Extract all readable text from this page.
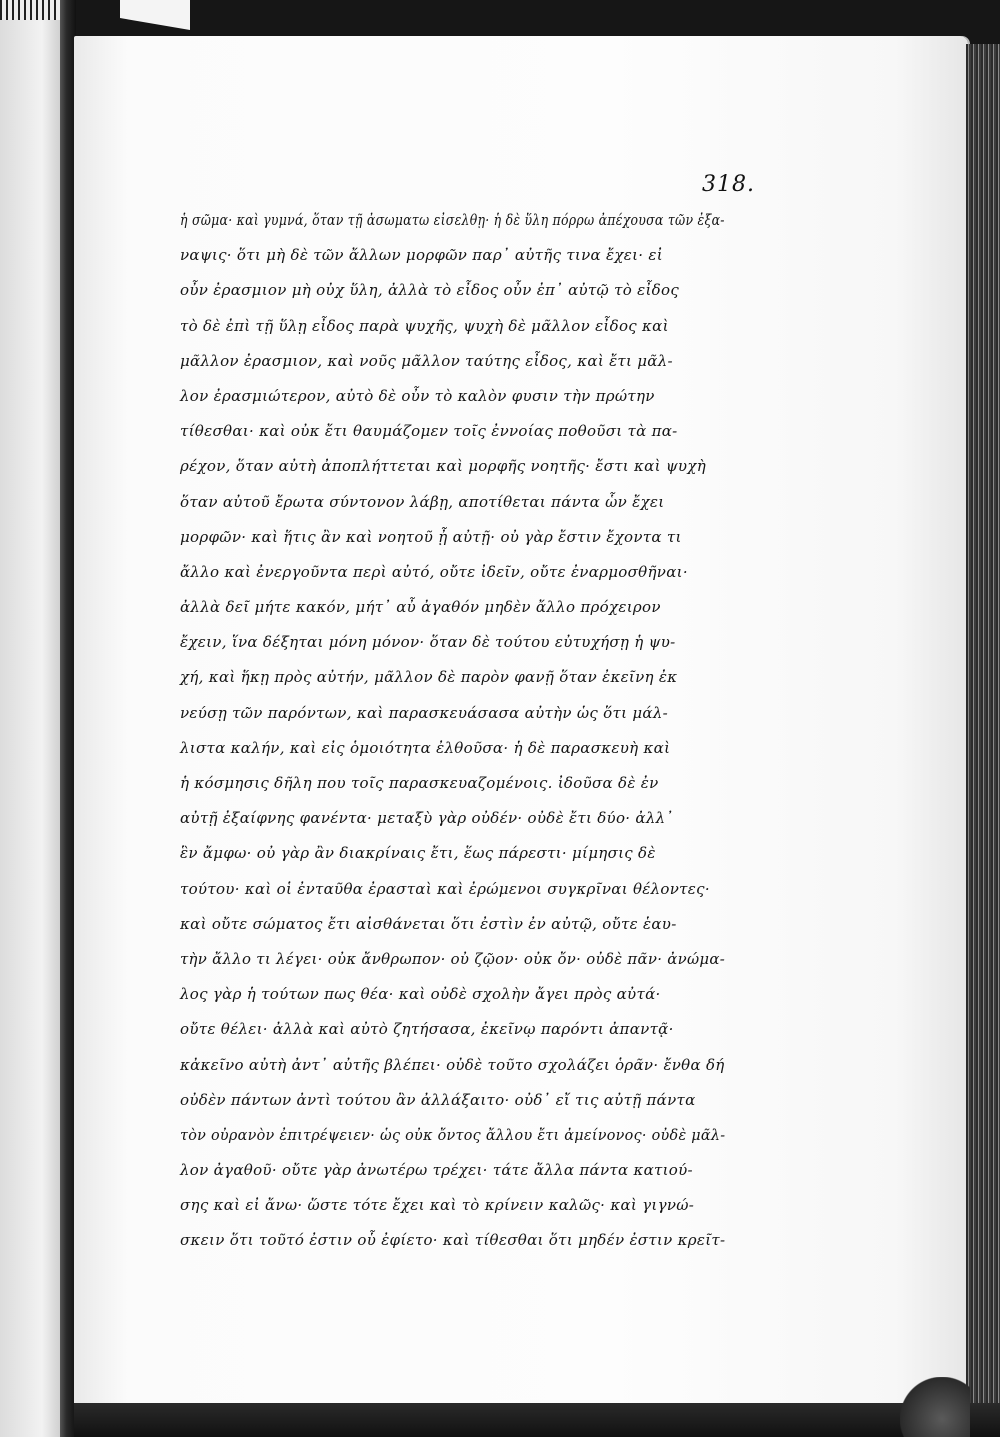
318.
ἡ σῶμα· καὶ γυμνά, ὅταν τῇ ἀσωματω εἰσελθῃ· ἡ δὲ ὕλη πόρρω ἀπέχουσα τῶν ἐξα-
ναψις· ὅτι μὴ δὲ τῶν ἄλλων μορφῶν παρ᾽ αὐτῆς τινα ἔχει· εἰ
οὖν ἐρασμιον μὴ οὐχ ὕλη, ἀλλὰ τὸ εἶδος οὖν ἐπ᾽ αὐτῷ τὸ εἶδος
τὸ δὲ ἐπὶ τῇ ὕλῃ εἶδος παρὰ ψυχῆς, ψυχὴ δὲ μᾶλλον εἶδος καὶ
μᾶλλον ἐρασμιον, καὶ νοῦς μᾶλλον ταύτης εἶδος, καὶ ἔτι μᾶλ-
λον ἐρασμιώτερον, αὐτὸ δὲ οὖν τὸ καλὸν φυσιν τὴν πρώτην
τίθεσθαι· καὶ οὐκ ἔτι θαυμάζομεν τοῖς ἐννοίας ποθοῦσι τὰ πα-
ρέχον, ὅταν αὐτὴ ἀποπλήττεται καὶ μορφῆς νοητῆς· ἔστι καὶ ψυχὴ
ὅταν αὐτοῦ ἔρωτα σύντονον λάβῃ, αποτίθεται πάντα ὧν ἔχει
μορφῶν· καὶ ἥτις ἂν καὶ νοητοῦ ᾖ αὐτῇ· οὐ γὰρ ἔστιν ἔχοντα τι
ἄλλο καὶ ἐνεργοῦντα περὶ αὐτό, οὔτε ἰδεῖν, οὔτε ἐναρμοσθῆναι·
ἀλλὰ δεῖ μήτε κακόν, μήτ᾽ αὖ ἀγαθόν μηδὲν ἄλλο πρόχειρον
ἔχειν, ἵνα δέξηται μόνη μόνον· ὅταν δὲ τούτου εὐτυχήσῃ ἡ ψυ-
χή, καὶ ἥκῃ πρὸς αὐτήν, μᾶλλον δὲ παρὸν φανῇ ὅταν ἐκεῖνη ἐκ
νεύσῃ τῶν παρόντων, καὶ παρασκευάσασα αὐτὴν ὡς ὅτι μάλ-
λιστα καλήν, καὶ εἰς ὁμοιότητα ἐλθοῦσα· ἡ δὲ παρασκευὴ καὶ
ἡ κόσμησις δῆλη που τοῖς παρασκευαζομένοις. ἰδοῦσα δὲ ἐν
αὐτῇ ἐξαίφνης φανέντα· μεταξὺ γὰρ οὐδέν· οὐδὲ ἔτι δύο· ἀλλ᾽
ἓν ἄμφω· οὐ γὰρ ἂν διακρίναις ἔτι, ἕως πάρεστι· μίμησις δὲ
τούτου· καὶ οἱ ἐνταῦθα ἐρασταὶ καὶ ἐρώμενοι συγκρῖναι θέλοντες·
καὶ οὔτε σώματος ἔτι αἰσθάνεται ὅτι ἐστὶν ἐν αὐτῷ, οὔτε ἑαυ-
τὴν ἄλλο τι λέγει· οὐκ ἄνθρωπον· οὐ ζῷον· οὐκ ὄν· οὐδὲ πᾶν· ἀνώμα-
λος γὰρ ἡ τούτων πως θέα· καὶ οὐδὲ σχολὴν ἄγει πρὸς αὐτά·
οὔτε θέλει· ἀλλὰ καὶ αὐτὸ ζητήσασα, ἐκεῖνῳ παρόντι ἀπαντᾷ·
κἀκεῖνο αὐτὴ ἀντ᾽ αὐτῆς βλέπει· οὐδὲ τοῦτο σχολάζει ὁρᾶν· ἔνθα δή
οὐδὲν πάντων ἀντὶ τούτου ἂν ἀλλάξαιτο· οὐδ᾽ εἴ τις αὐτῇ πάντα
τὸν οὐρανὸν ἐπιτρέψειεν· ὡς οὐκ ὄντος ἄλλου ἔτι ἀμείνονος· οὐδὲ μᾶλ-
λον ἀγαθοῦ· οὔτε γὰρ ἀνωτέρω τρέχει· τάτε ἄλλα πάντα κατιού-
σης καὶ εἰ ἄνω· ὥστε τότε ἔχει καὶ τὸ κρίνειν καλῶς· καὶ γιγνώ-
σκειν ὅτι τοῦτό ἐστιν οὗ ἐφίετο· καὶ τίθεσθαι ὅτι μηδέν ἐστιν κρεῖτ-
